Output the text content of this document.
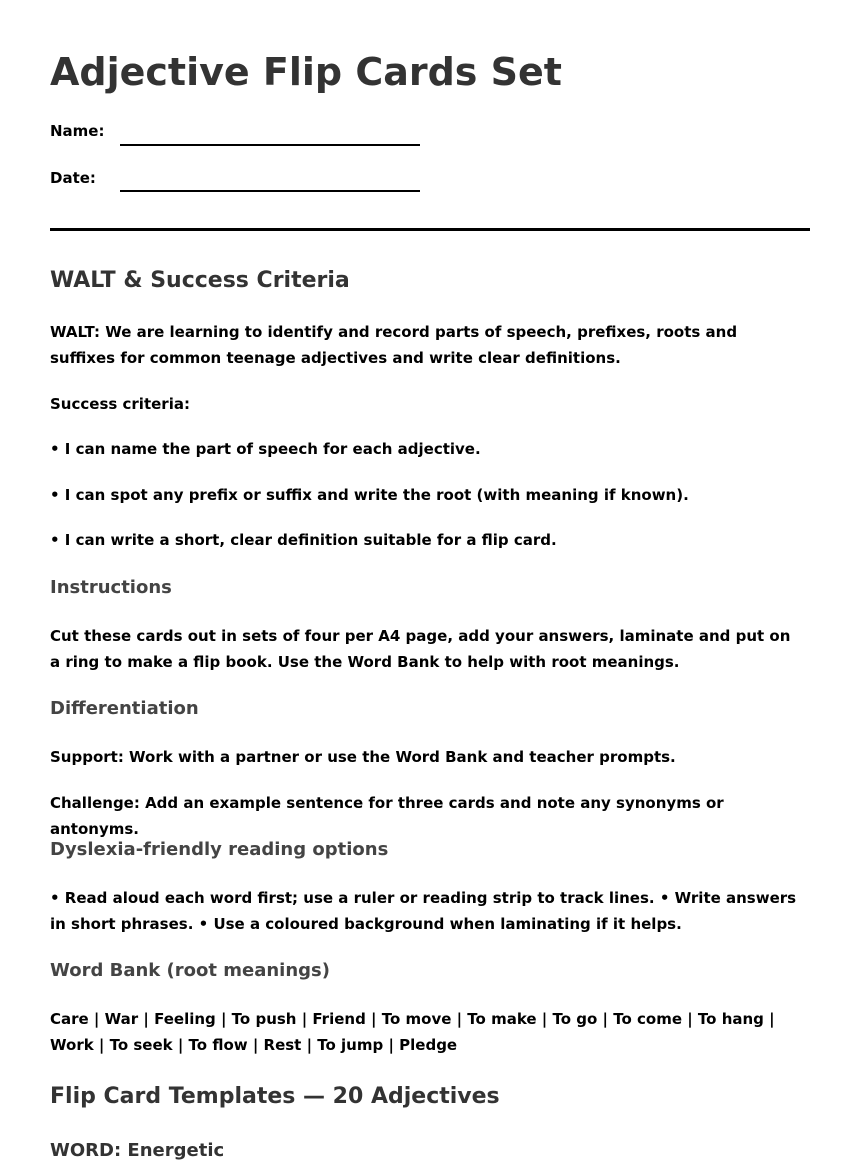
Adjective Flip Cards Set
Name:
Date:
WALT & Success Criteria
WALT: We are learning to identify and record parts of speech, prefixes, roots and suffixes for common teenage adjectives and write clear definitions.
Success criteria:
• I can name the part of speech for each adjective.
• I can spot any prefix or suffix and write the root (with meaning if known).
• I can write a short, clear definition suitable for a flip card.
Instructions
Cut these cards out in sets of four per A4 page, add your answers, laminate and put on a ring to make a flip book. Use the Word Bank to help with root meanings.
Differentiation
Support: Work with a partner or use the Word Bank and teacher prompts.
Challenge: Add an example sentence for three cards and note any synonyms or antonyms.
Dyslexia-friendly reading options
• Read aloud each word first; use a ruler or reading strip to track lines. • Write answers in short phrases. • Use a coloured background when laminating if it helps.
Word Bank (root meanings)
Care | War | Feeling | To push | Friend | To move | To make | To go | To come | To hang | Work | To seek | To flow | Rest | To jump | Pledge
Flip Card Templates — 20 Adjectives
WORD: Energetic
